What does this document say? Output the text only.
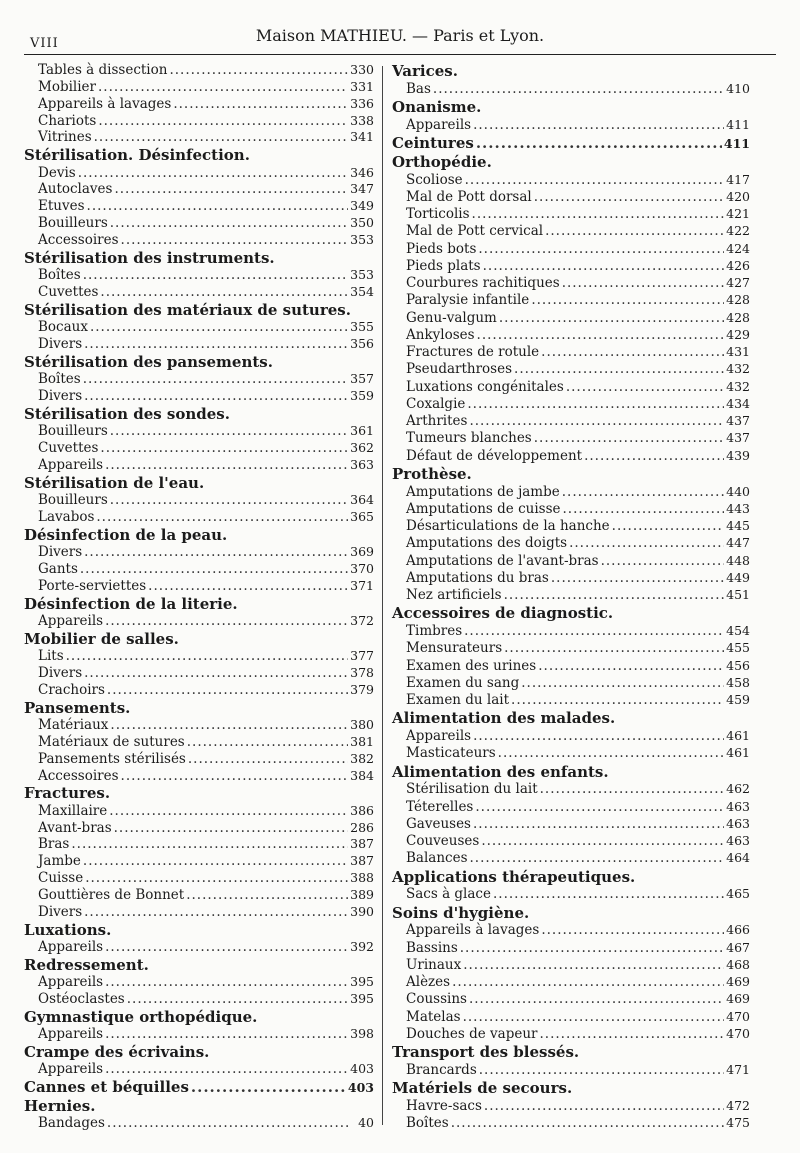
VIII	Maison MATHIEU. — Paris et Lyon.
Tables à dissection .....	330
Mobilier .....	331
Appareils à lavages .....	336
Chariots .....	338
Vitrines .....	341
Stérilisation. Désinfection.
Devis .....	346
Autoclaves .....	347
Etuves .....	349
Bouilleurs .....	350
Accessoires .....	353
Stérilisation des instruments.
Boîtes .....	353
Cuvettes .....	354
Stérilisation des matériaux de sutures.
Bocaux .....	355
Divers .....	356
Stérilisation des pansements.
Boîtes .....	357
Divers .....	359
Stérilisation des sondes.
Bouilleurs .....	361
Cuvettes .....	362
Appareils .....	363
Stérilisation de l'eau.
Bouilleurs .....	364
Lavabos .....	365
Désinfection de la peau.
Divers .....	369
Gants .....	370
Porte-serviettes .....	371
Désinfection de la literie.
Appareils .....	372
Mobilier de salles.
Lits .....	377
Divers .....	378
Crachoirs .....	379
Pansements.
Matériaux .....	380
Matériaux de sutures .....	381
Pansements stérilisés .....	382
Accessoires .....	384
Fractures.
Maxillaire .....	386
Avant-bras .....	286
Bras .....	387
Jambe .....	387
Cuisse .....	388
Gouttières de Bonnet .....	389
Divers .....	390
Luxations.
Appareils .....	392
Redressement.
Appareils .....	395
Ostéoclastes .....	395
Gymnastique orthopédique.
Appareils .....	398
Crampe des écrivains.
Appareils .....	403
Cannes et béquilles .....	403
Hernies.
Bandages .....	40
Varices.
Bas .....	410
Onanisme.
Appareils .....	411
Ceintures .....	411
Orthopédie.
Scoliose .....	417
Mal de Pott dorsal .....	420
Torticolis .....	421
Mal de Pott cervical .....	422
Pieds bots .....	424
Pieds plats .....	426
Courbures rachitiques .....	427
Paralysie infantile .....	428
Genu-valgum .....	428
Ankyloses .....	429
Fractures de rotule .....	431
Pseudarthroses .....	432
Luxations congénitales .....	432
Coxalgie .....	434
Arthrites .....	437
Tumeurs blanches .....	437
Défaut de développement .....	439
Prothèse.
Amputations de jambe .....	440
Amputations de cuisse .....	443
Désarticulations de la hanche .....	445
Amputations des doigts .....	447
Amputations de l'avant-bras .....	448
Amputations du bras .....	449
Nez artificiels .....	451
Accessoires de diagnostic.
Timbres .....	454
Mensurateurs .....	455
Examen des urines .....	456
Examen du sang .....	458
Examen du lait .....	459
Alimentation des malades.
Appareils .....	461
Masticateurs .....	461
Alimentation des enfants.
Stérilisation du lait .....	462
Téterelles .....	463
Gaveuses .....	463
Couveuses .....	463
Balances .....	464
Applications thérapeutiques.
Sacs à glace .....	465
Soins d'hygiène.
Appareils à lavages .....	466
Bassins .....	467
Urinaux .....	468
Alèzes .....	469
Coussins .....	469
Matelas .....	470
Douches de vapeur .....	470
Transport des blessés.
Brancards .....	471
Matériels de secours.
Havre-sacs .....	472
Boîtes .....	475
